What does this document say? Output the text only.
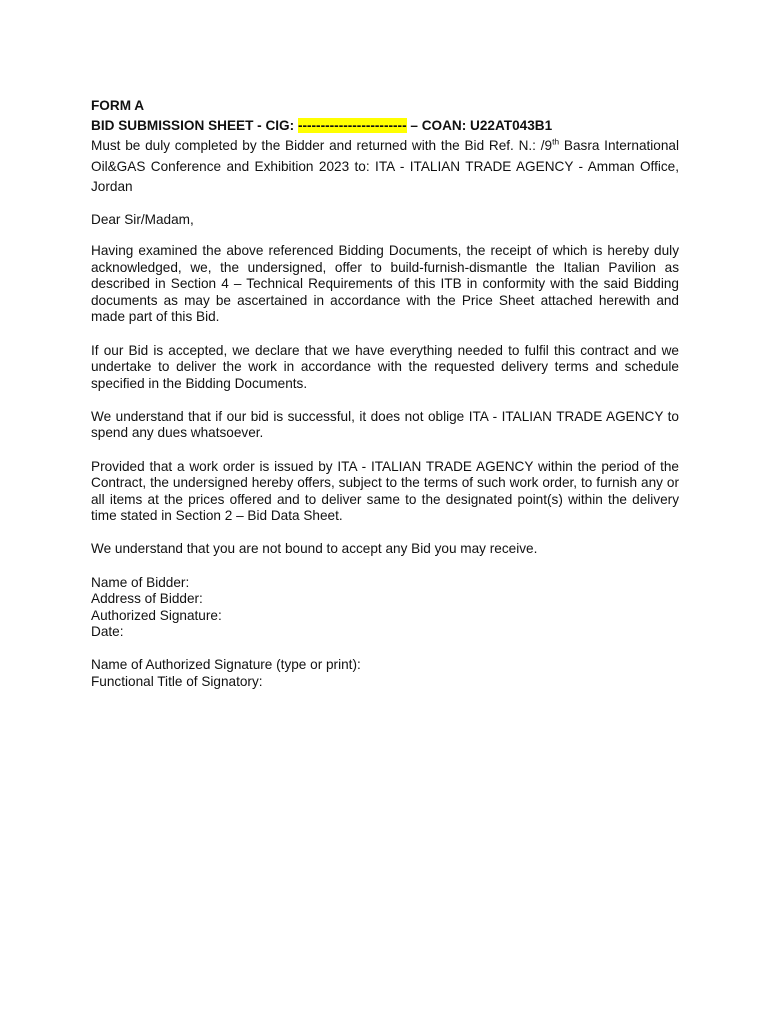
FORM A

BID SUBMISSION SHEET - CIG: ------------------------ – COAN: U22AT043B1

Must be duly completed by the Bidder and returned with the Bid Ref. N.: /9th Basra International Oil&GAS Conference and Exhibition 2023 to: ITA - ITALIAN TRADE AGENCY - Amman Office, Jordan

Dear Sir/Madam,

Having examined the above referenced Bidding Documents, the receipt of which is hereby duly acknowledged, we, the undersigned, offer to build-furnish-dismantle the Italian Pavilion as described in Section 4 – Technical Requirements of this ITB in conformity with the said Bidding documents as may be ascertained in accordance with the Price Sheet attached herewith and made part of this Bid.

If our Bid is accepted, we declare that we have everything needed to fulfil this contract and we undertake to deliver the work in accordance with the requested delivery terms and schedule specified in the Bidding Documents.

We understand that if our bid is successful, it does not oblige ITA - ITALIAN TRADE AGENCY to spend any dues whatsoever.

Provided that a work order is issued by ITA - ITALIAN TRADE AGENCY within the period of the Contract, the undersigned hereby offers, subject to the terms of such work order, to furnish any or all items at the prices offered and to deliver same to the designated point(s) within the delivery time stated in Section 2 – Bid Data Sheet.

We understand that you are not bound to accept any Bid you may receive.

Name of Bidder:
Address of Bidder:
Authorized Signature:
Date:
Name of Authorized Signature (type or print):
Functional Title of Signatory:
